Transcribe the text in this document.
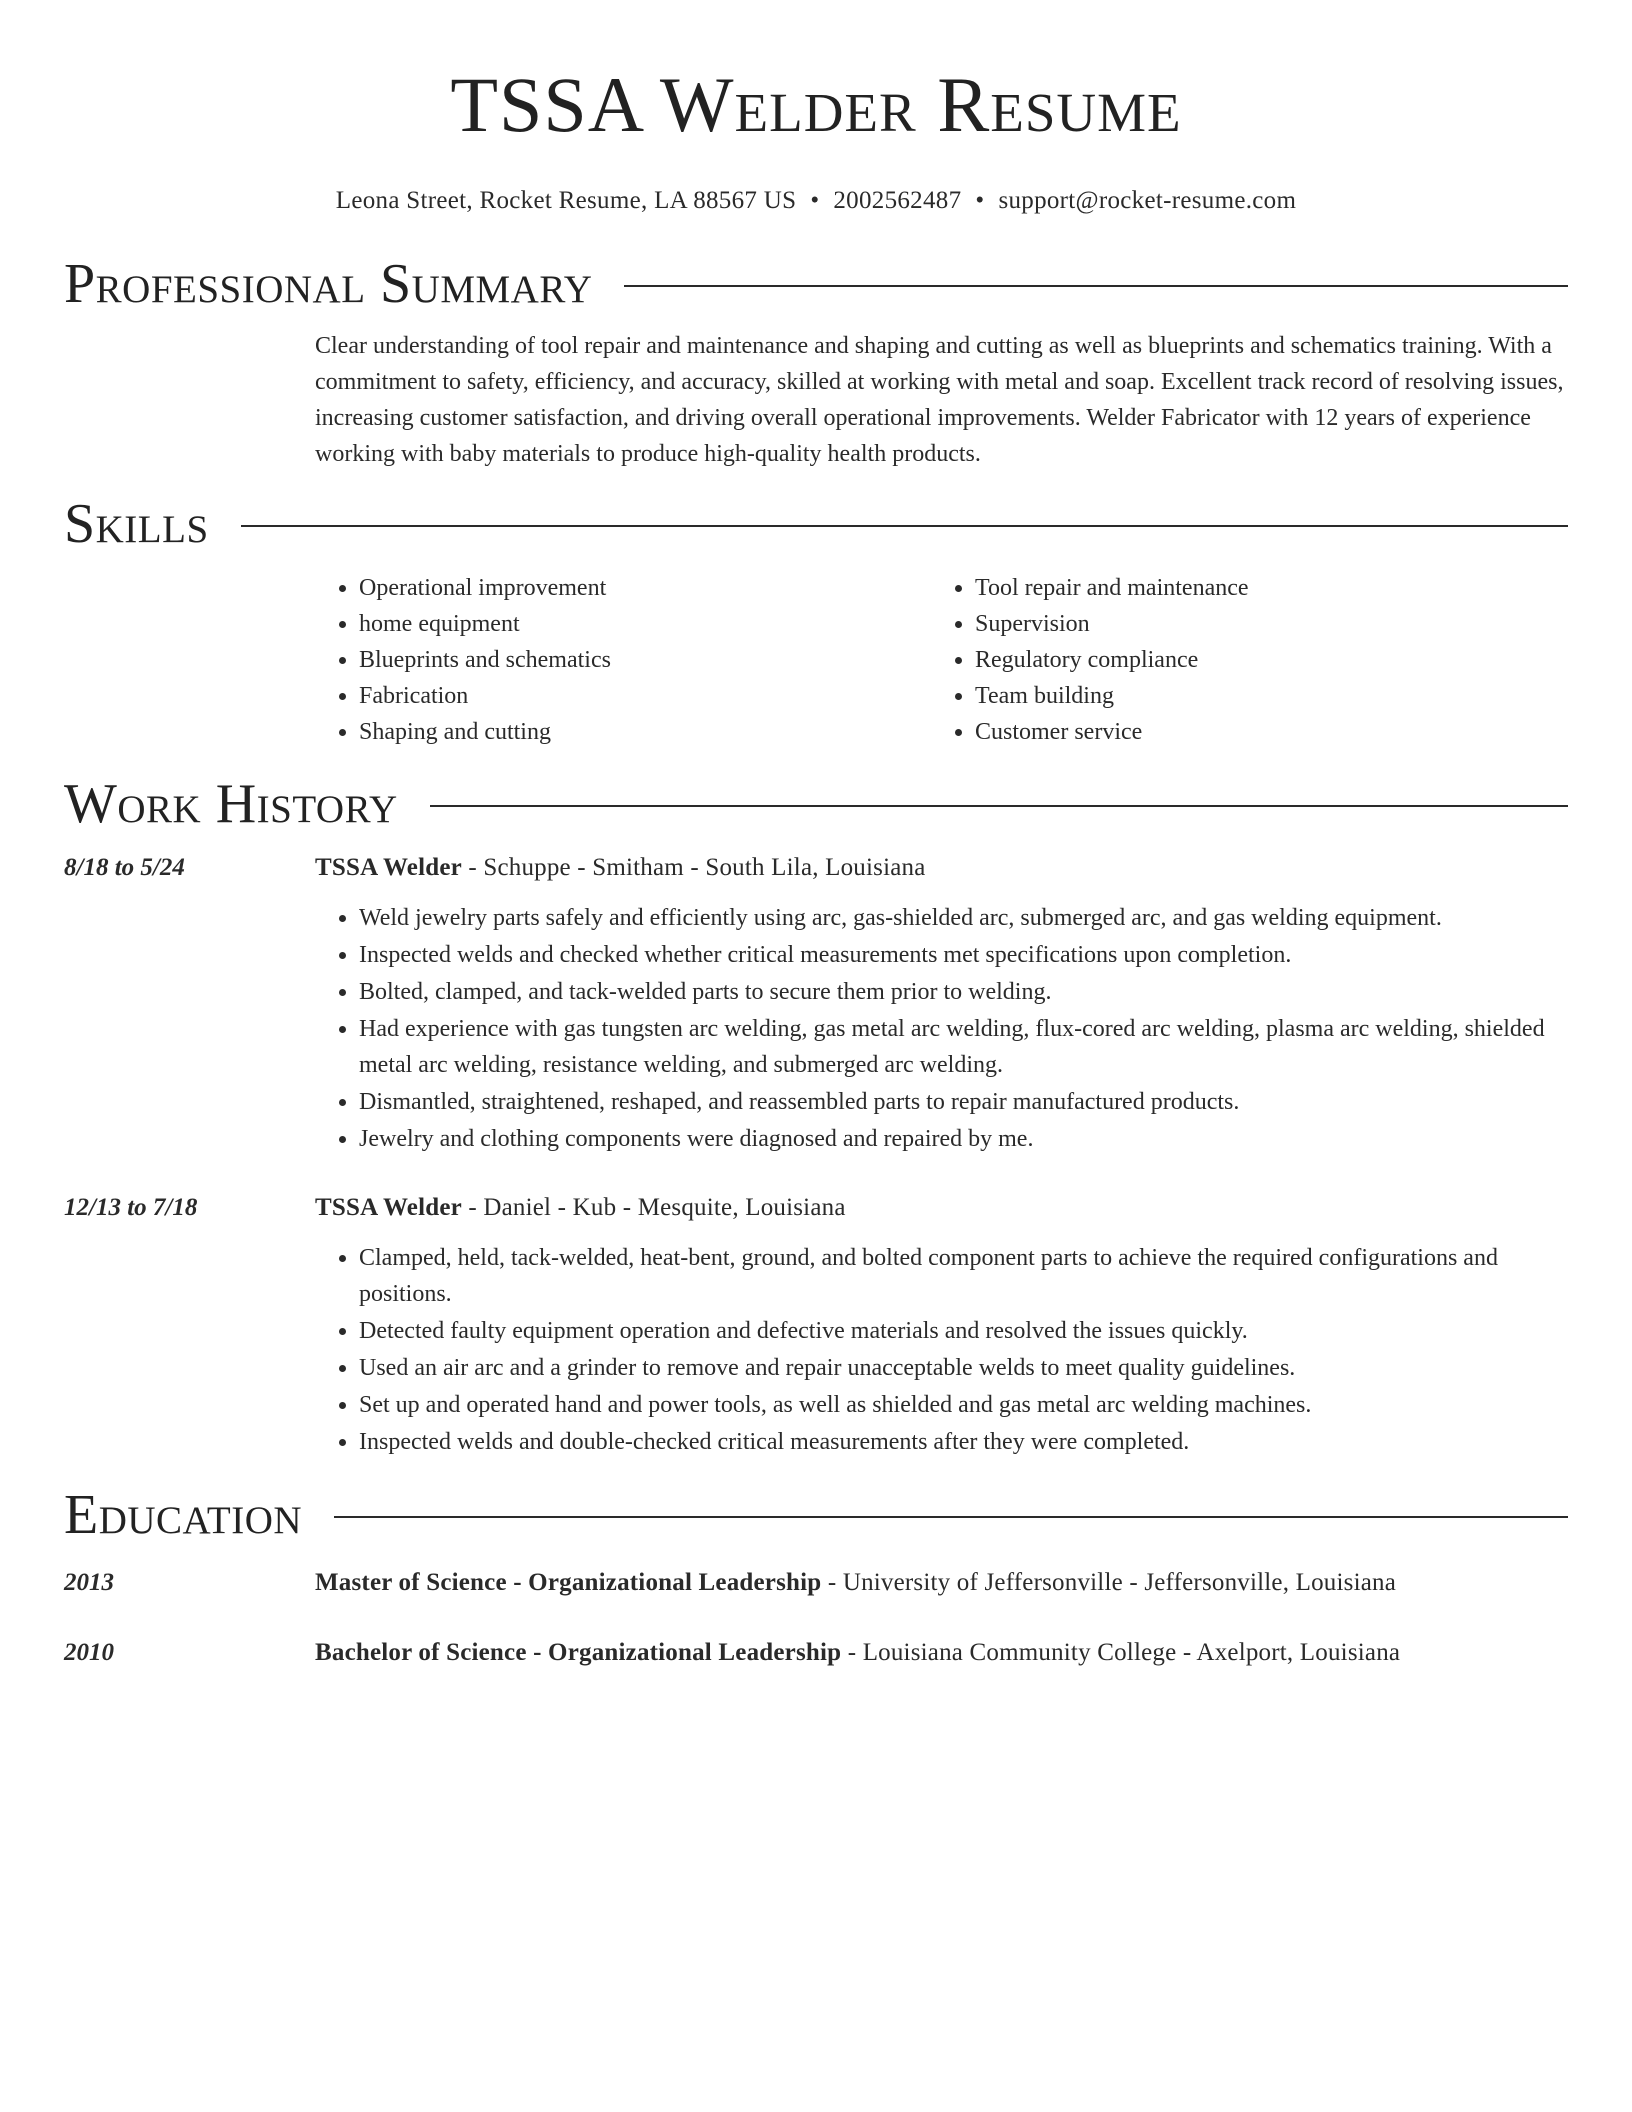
TSSA Welder Resume
Leona Street, Rocket Resume, LA 88567 US • 2002562487 • support@rocket-resume.com
Professional Summary

Clear understanding of tool repair and maintenance and shaping and cutting as well as blueprints and schematics training. With a commitment to safety, efficiency, and accuracy, skilled at working with metal and soap. Excellent track record of resolving issues, increasing customer satisfaction, and driving overall operational improvements. Welder Fabricator with 12 years of experience working with baby materials to produce high-quality health products.

Skills
• Operational improvement
• home equipment
• Blueprints and schematics
• Fabrication
• Shaping and cutting
• Tool repair and maintenance
• Supervision
• Regulatory compliance
• Team building
• Customer service
Work History
8/18 to 5/24	TSSA Welder - Schuppe - Smitham - South Lila, Louisiana
• Weld jewelry parts safely and efficiently using arc, gas-shielded arc, submerged arc, and gas welding equipment.
• Inspected welds and checked whether critical measurements met specifications upon completion.
• Bolted, clamped, and tack-welded parts to secure them prior to welding.
• Had experience with gas tungsten arc welding, gas metal arc welding, flux-cored arc welding, plasma arc welding, shielded metal arc welding, resistance welding, and submerged arc welding.
• Dismantled, straightened, reshaped, and reassembled parts to repair manufactured products.
• Jewelry and clothing components were diagnosed and repaired by me.
12/13 to 7/18	TSSA Welder - Daniel - Kub - Mesquite, Louisiana
• Clamped, held, tack-welded, heat-bent, ground, and bolted component parts to achieve the required configurations and positions.
• Detected faulty equipment operation and defective materials and resolved the issues quickly.
• Used an air arc and a grinder to remove and repair unacceptable welds to meet quality guidelines.
• Set up and operated hand and power tools, as well as shielded and gas metal arc welding machines.
• Inspected welds and double-checked critical measurements after they were completed.
Education
2013	Master of Science - Organizational Leadership - University of Jeffersonville - Jeffersonville, Louisiana
2010	Bachelor of Science - Organizational Leadership - Louisiana Community College - Axelport, Louisiana
